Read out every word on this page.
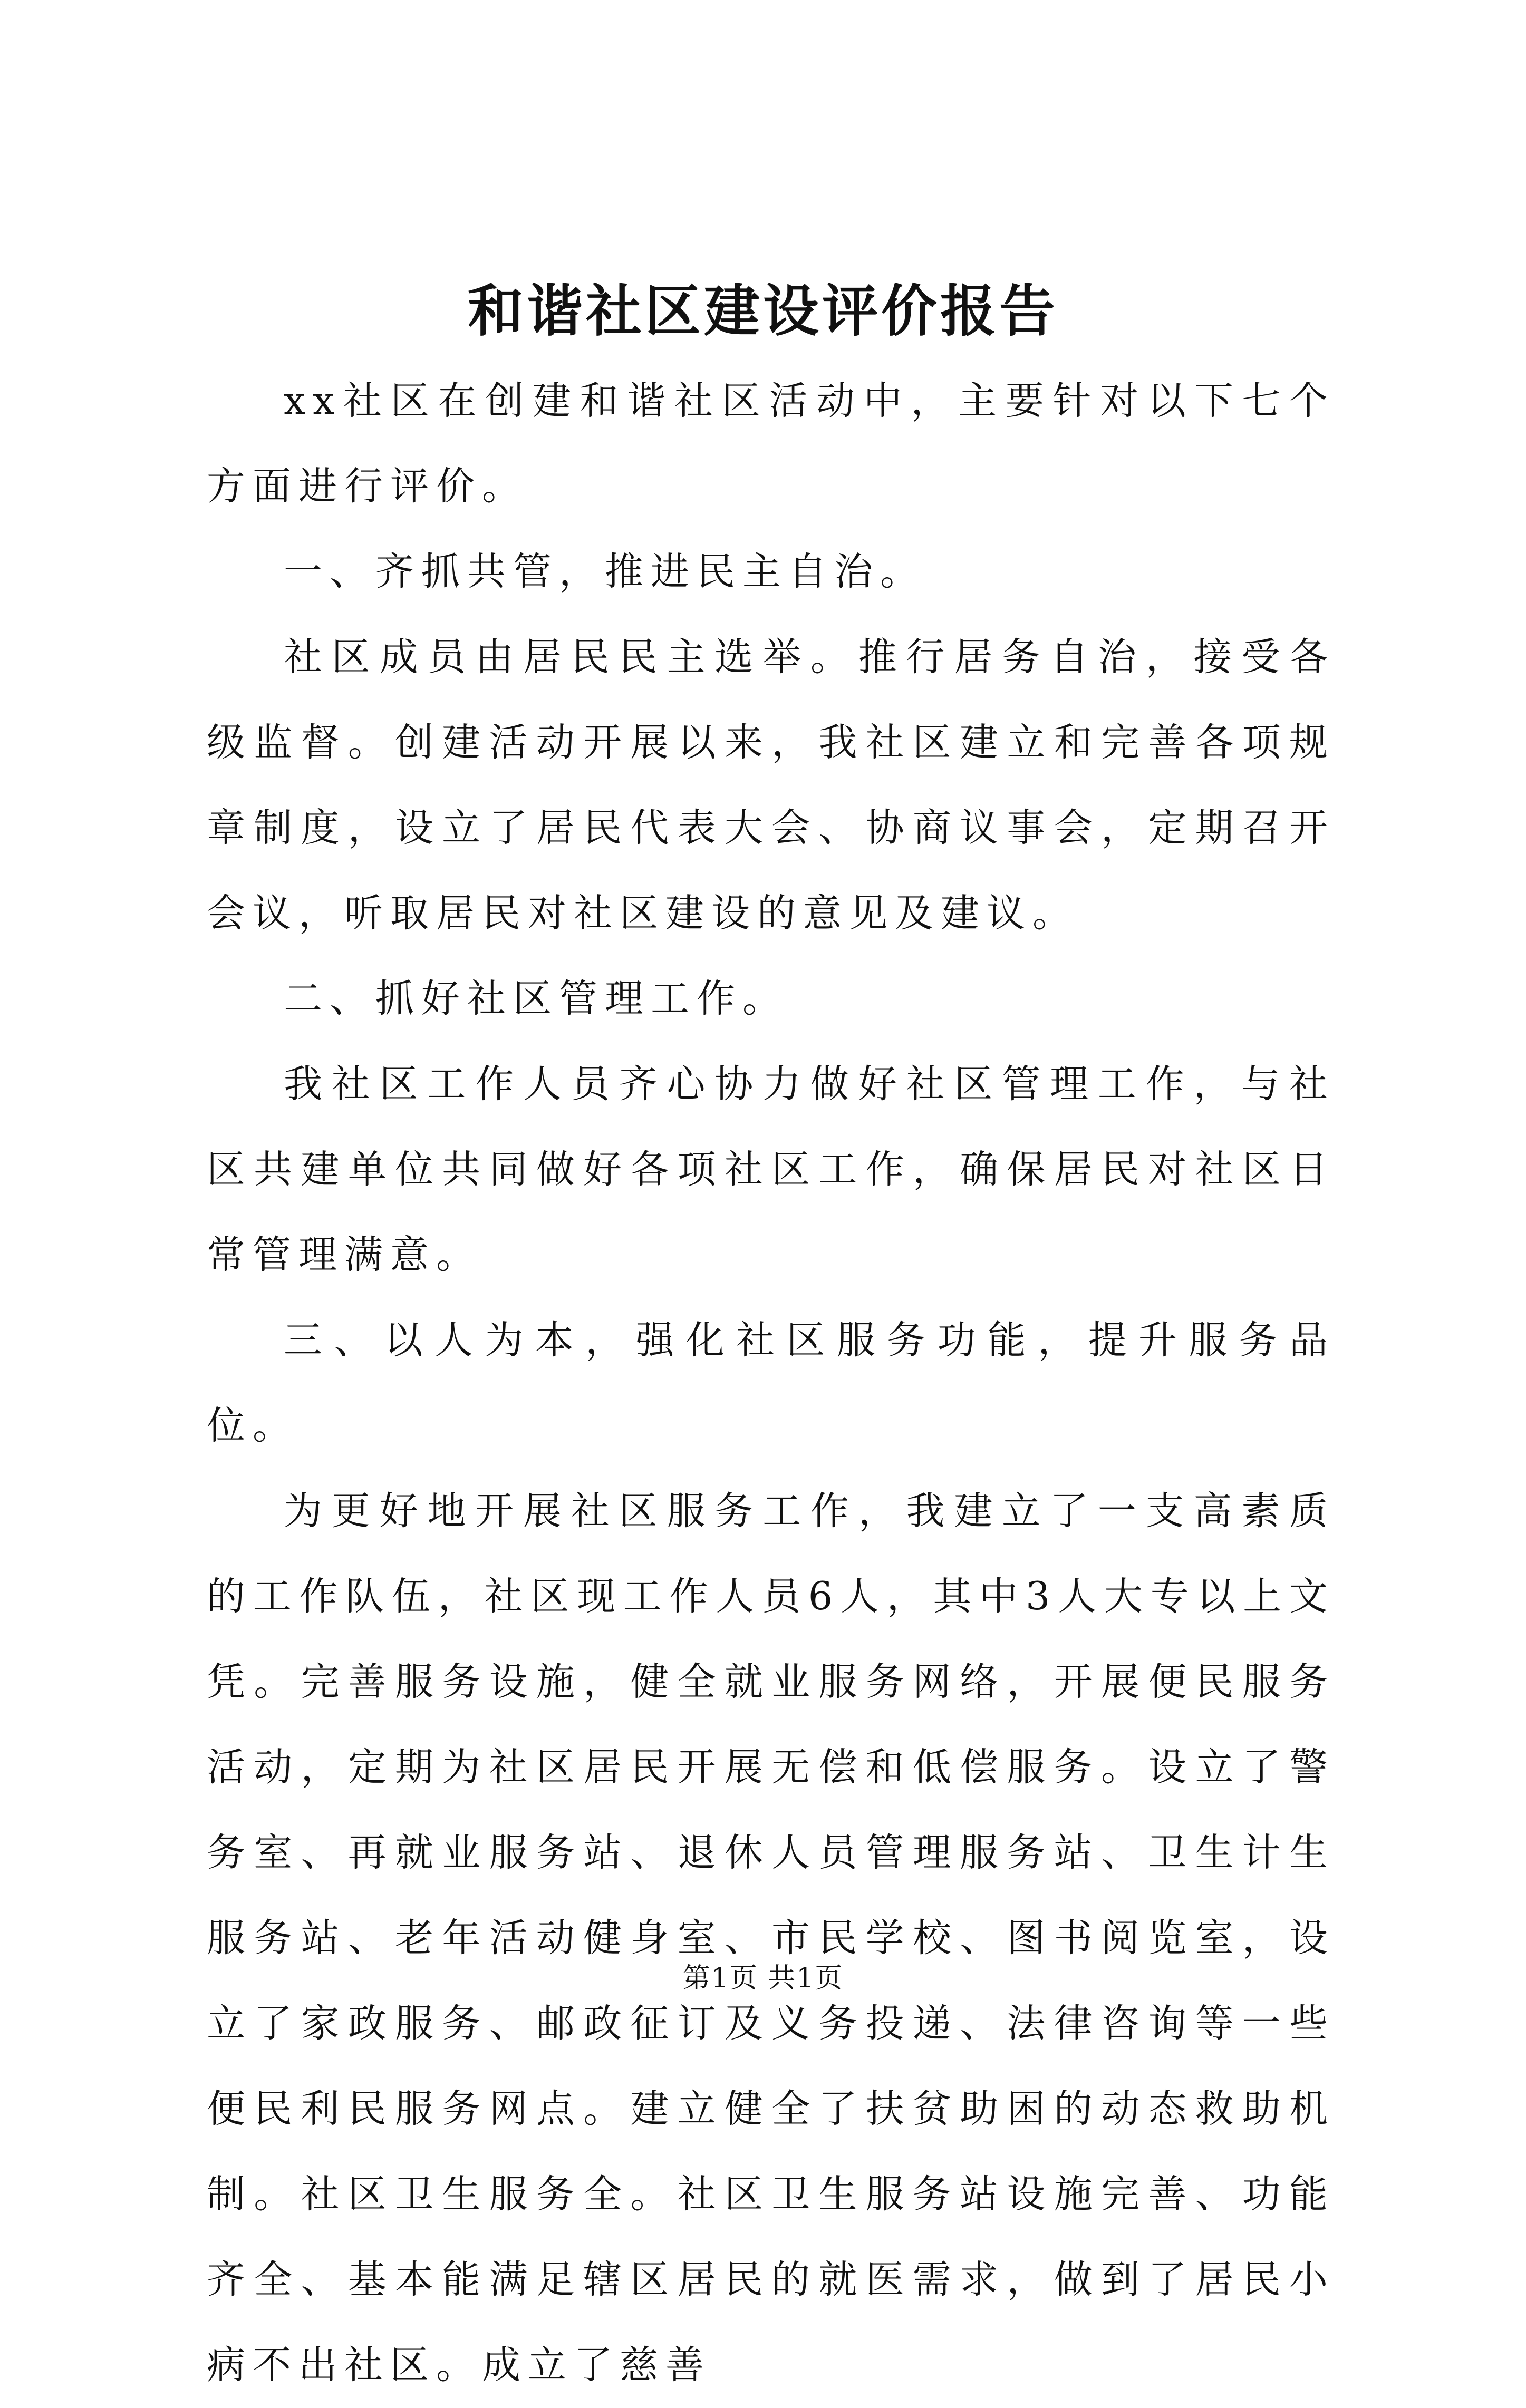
和谐社区建设评价报告

xx社区在创建和谐社区活动中，主要针对以下七个方面进行评价。

一、齐抓共管，推进民主自治。

社区成员由居民民主选举。推行居务自治，接受各级监督。创建活动开展以来，我社区建立和完善各项规章制度，设立了居民代表大会、协商议事会，定期召开会议，听取居民对社区建设的意见及建议。

二、抓好社区管理工作。

我社区工作人员齐心协力做好社区管理工作，与社区共建单位共同做好各项社区工作，确保居民对社区日常管理满意。

三、以人为本，强化社区服务功能，提升服务品位。

为更好地开展社区服务工作，我建立了一支高素质的工作队伍，社区现工作人员6人，其中3人大专以上文凭。完善服务设施，健全就业服务网络，开展便民服务活动，定期为社区居民开展无偿和低偿服务。设立了警务室、再就业服务站、退休人员管理服务站、卫生计生服务站、老年活动健身室、市民学校、图书阅览室，设立了家政服务、邮政征订及义务投递、法律咨询等一些便民利民服务网点。建立健全了扶贫助困的动态救助机制。社区卫生服务全。社区卫生服务站设施完善、功能齐全、基本能满足辖区居民的就医需求，做到了居民小病不出社区。成立了慈善

第1页 共1页
